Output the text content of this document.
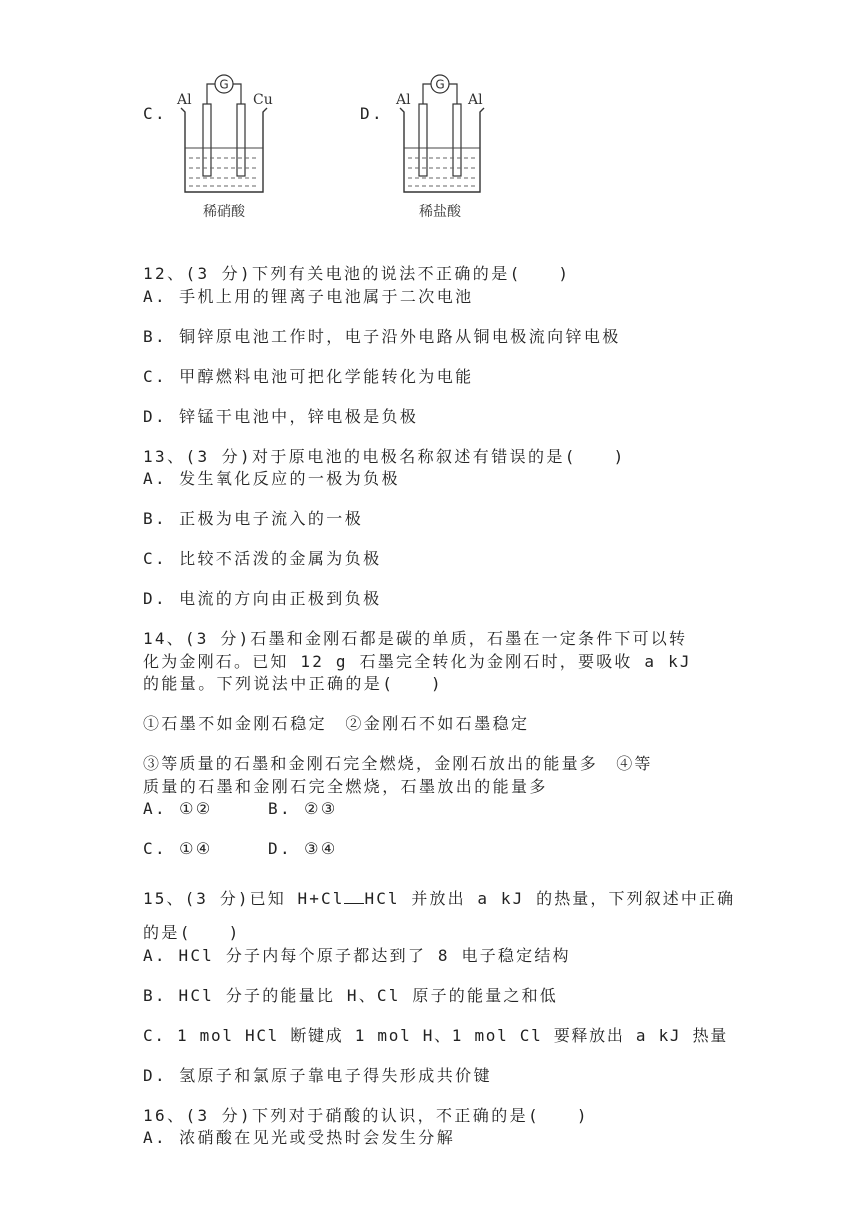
C.
G
Al	Cu
稀硝酸
D.
G
Al	Al
稀盐酸
12、(3 分)下列有关电池的说法不正确的是(　　)
A. 手机上用的锂离子电池属于二次电池
B. 铜锌原电池工作时，电子沿外电路从铜电极流向锌电极
C. 甲醇燃料电池可把化学能转化为电能
D. 锌锰干电池中，锌电极是负极
13、(3 分)对于原电池的电极名称叙述有错误的是(　　)
A. 发生氧化反应的一极为负极
B. 正极为电子流入的一极
C. 比较不活泼的金属为负极
D. 电流的方向由正极到负极
14、(3 分)石墨和金刚石都是碳的单质，石墨在一定条件下可以转
化为金刚石。已知 12 g 石墨完全转化为金刚石时，要吸收 a kJ
的能量。下列说法中正确的是(　　)
①石墨不如金刚石稳定　②金刚石不如石墨稳定
③等质量的石墨和金刚石完全燃烧，金刚石放出的能量多　④等
质量的石墨和金刚石完全燃烧，石墨放出的能量多
A. ①②	B. ②③
C. ①④	D. ③④
15、(3 分)已知 H+Cl HCl 并放出 a kJ 的热量，下列叙述中正确
的是(　　)
A. HCl 分子内每个原子都达到了 8 电子稳定结构
B. HCl 分子的能量比 H、Cl 原子的能量之和低
C. 1 mol HCl 断键成 1 mol H、1 mol Cl 要释放出 a kJ 热量
D. 氢原子和氯原子靠电子得失形成共价键
16、(3 分)下列对于硝酸的认识，不正确的是(　　)
A. 浓硝酸在见光或受热时会发生分解
